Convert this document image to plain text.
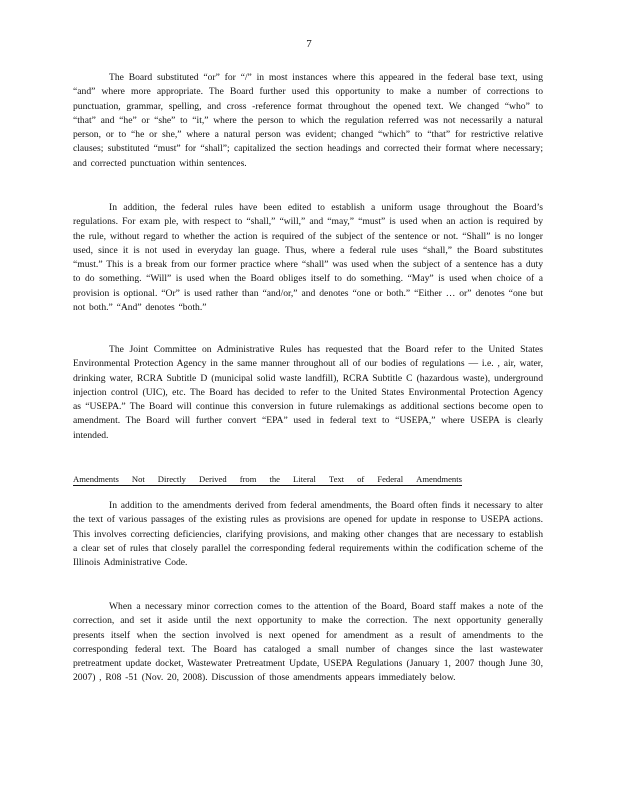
7

The Board substituted “or” for “/” in most instances where this appeared in the federal base text, using “and” where more appropriate. The Board further used this opportunity to make a number of corrections to punctuation, grammar, spelling, and cross -reference format throughout the opened text. We changed “who” to “that” and “he” or “she” to “it,” where the person to which the regulation referred was not necessarily a natural person, or to “he or she,” where a natural person was evident; changed “which” to “that” for restrictive relative clauses; substituted “must” for “shall”; capitalized the section headings and corrected their format where necessary; and corrected punctuation within sentences.

In addition, the federal rules have been edited to establish a uniform usage throughout the Board’s regulations. For exam ple, with respect to “shall,” “will,” and “may,” “must” is used when an action is required by the rule, without regard to whether the action is required of the subject of the sentence or not. “Shall” is no longer used, since it is not used in everyday lan guage. Thus, where a federal rule uses “shall,” the Board substitutes “must.” This is a break from our former practice where “shall” was used when the subject of a sentence has a duty to do something. “Will” is used when the Board obliges itself to do something. “May” is used when choice of a provision is optional. “Or” is used rather than “and/or,” and denotes “one or both.” “Either … or” denotes “one but not both.” “And” denotes “both.”

The Joint Committee on Administrative Rules has requested that the Board refer to the United States Environmental Protection Agency in the same manner throughout all of our bodies of regulations — i.e. , air, water, drinking water, RCRA Subtitle D (municipal solid waste landfill), RCRA Subtitle C (hazardous waste), underground injection control (UIC), etc. The Board has decided to refer to the United States Environmental Protection Agency as “USEPA.” The Board will continue this conversion in future rulemakings as additional sections become open to amendment. The Board will further convert “EPA” used in federal text to “USEPA,” where USEPA is clearly intended.

Amendments Not Directly Derived from the Literal Text of Federal Amendments

In addition to the amendments derived from federal amendments, the Board often finds it necessary to alter the text of various passages of the existing rules as provisions are opened for update in response to USEPA actions. This involves correcting deficiencies, clarifying provisions, and making other changes that are necessary to establish a clear set of rules that closely parallel the corresponding federal requirements within the codification scheme of the Illinois Administrative Code.

When a necessary minor correction comes to the attention of the Board, Board staff makes a note of the correction, and set it aside until the next opportunity to make the correction. The next opportunity generally presents itself when the section involved is next opened for amendment as a result of amendments to the corresponding federal text. The Board has cataloged a small number of changes since the last wastewater pretreatment update docket, Wastewater Pretreatment Update, USEPA Regulations (January 1, 2007 though June 30, 2007) , R08 -51 (Nov. 20, 2008). Discussion of those amendments appears immediately below.
